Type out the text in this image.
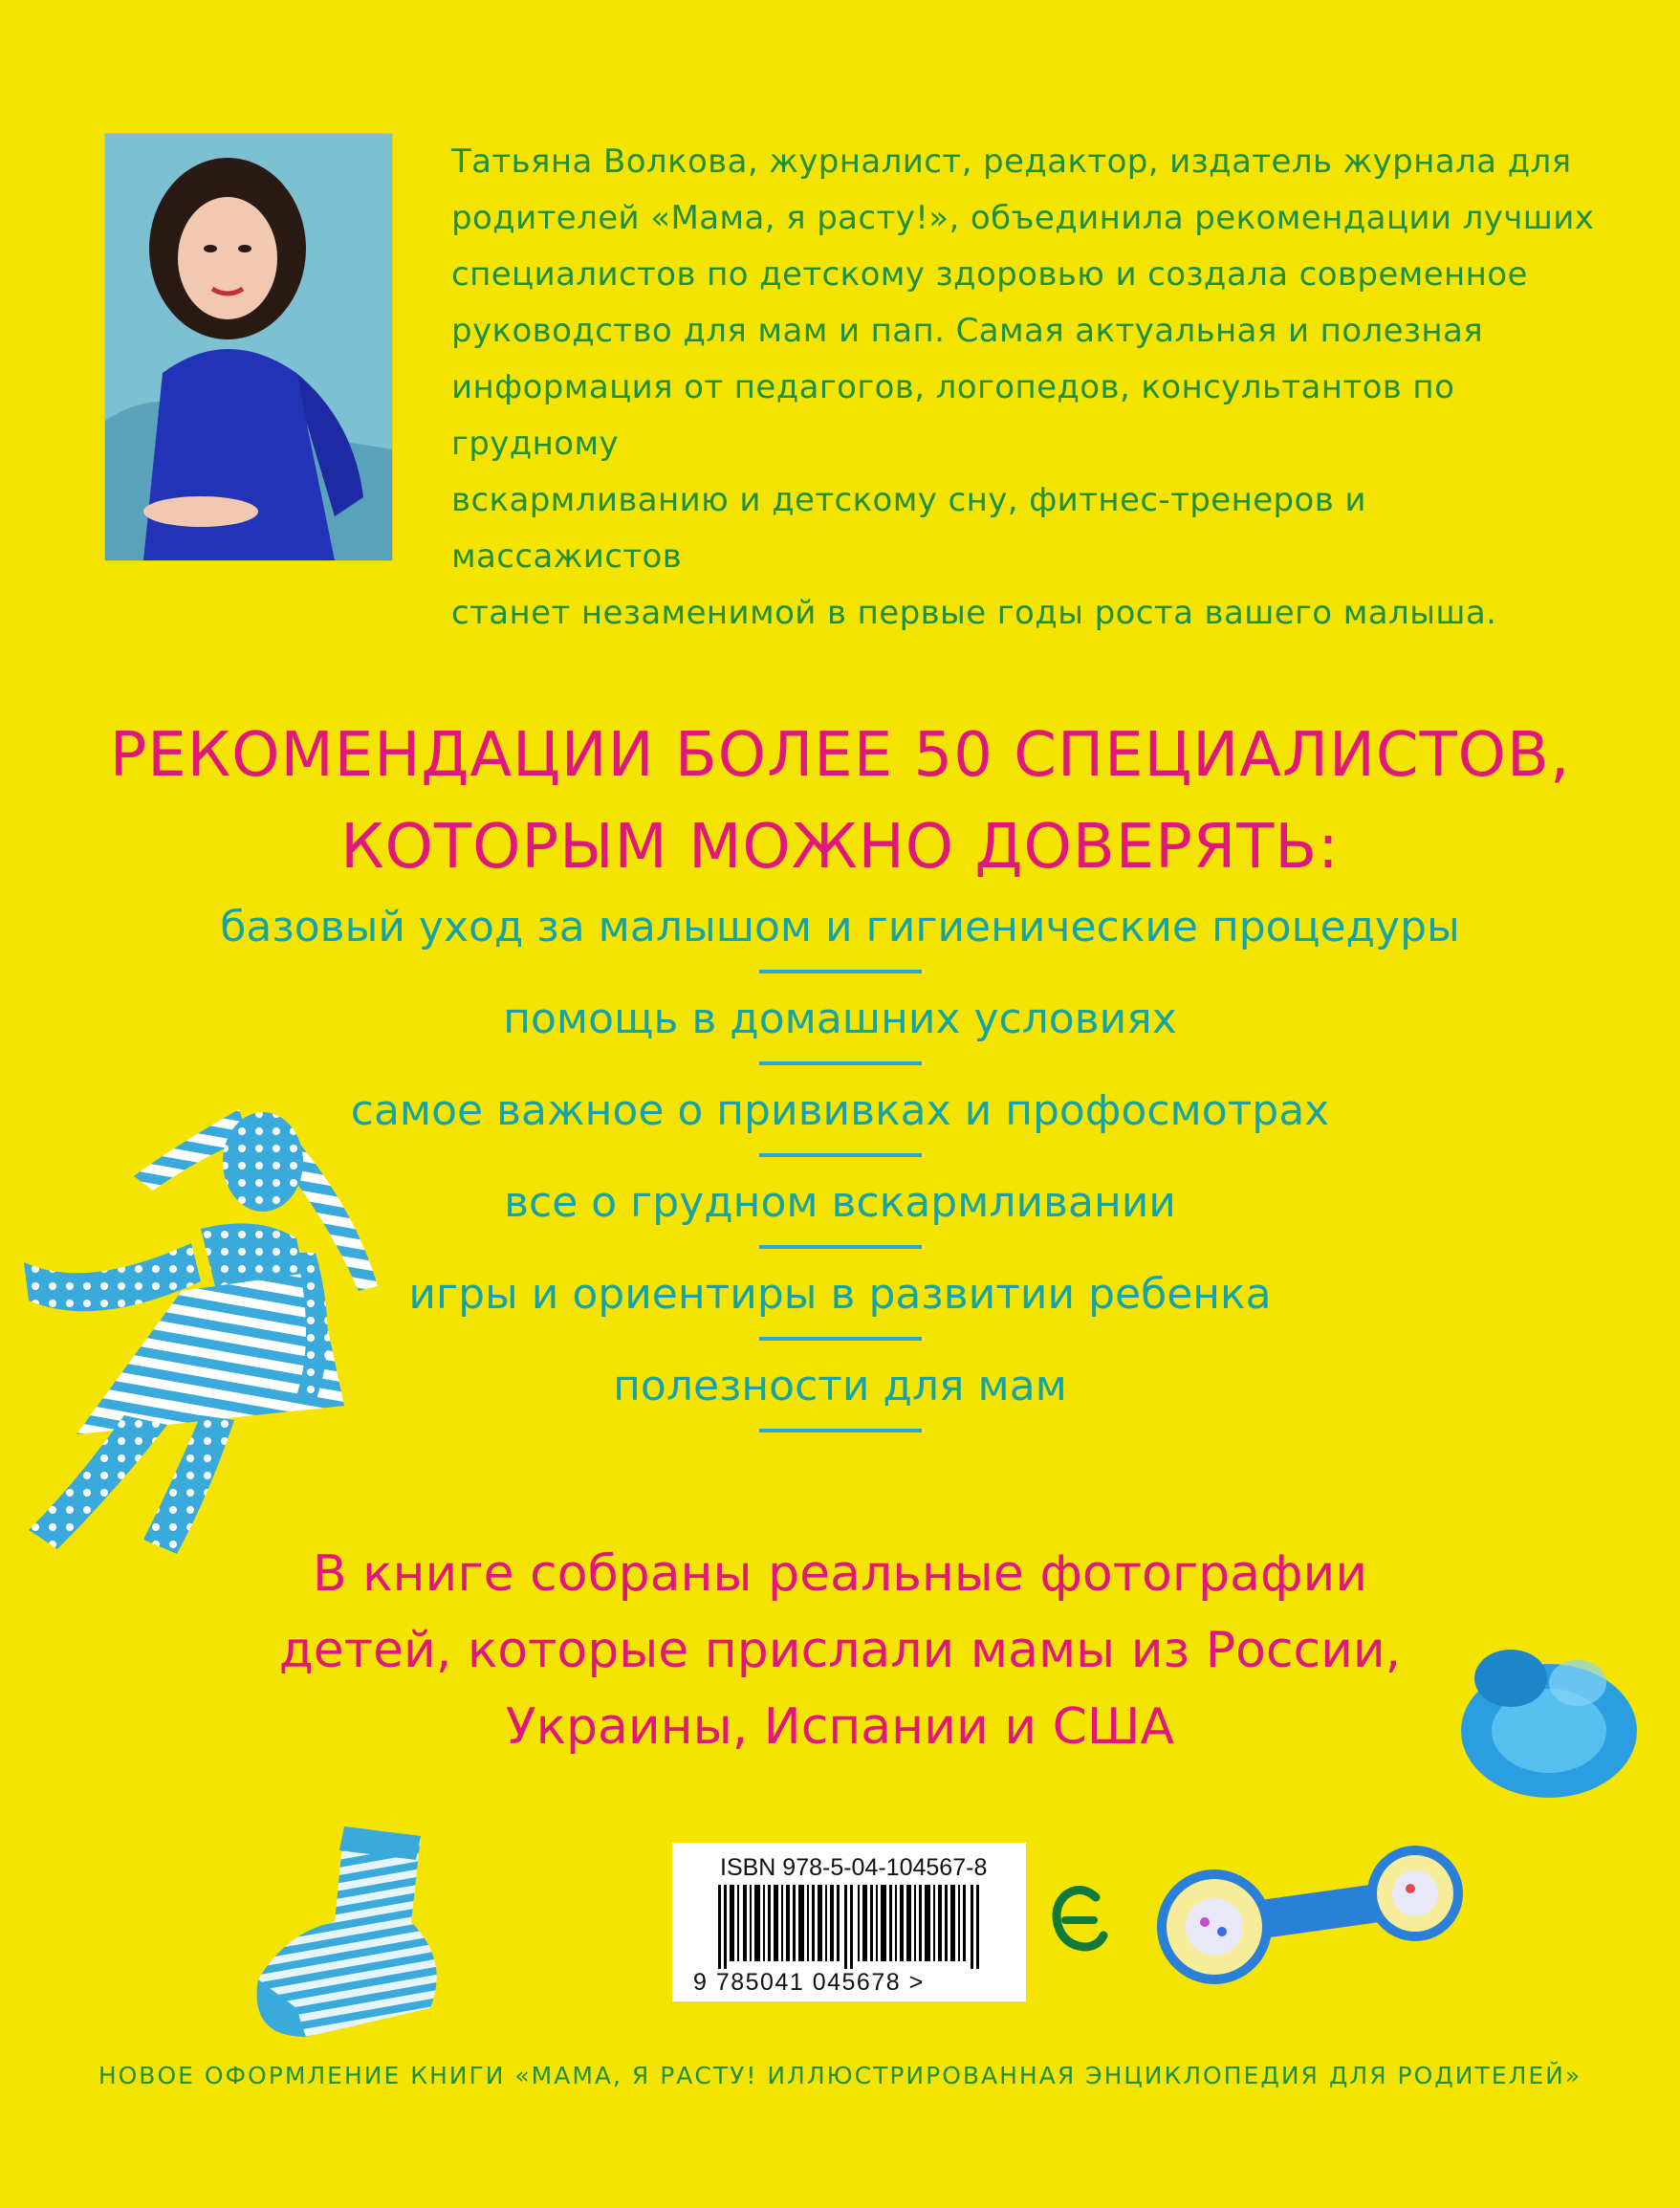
Татьяна Волкова, журналист, редактор, издатель журнала для
родителей «Мама, я расту!», объединила рекомендации лучших
специалистов по детскому здоровью и создала современное
руководство для мам и пап. Самая актуальная и полезная
информация от педагогов, логопедов, консультантов по грудному
вскармливанию и детскому сну, фитнес-тренеров и массажистов
станет незаменимой в первые годы роста вашего малыша.
РЕКОМЕНДАЦИИ БОЛЕЕ 50 СПЕЦИАЛИСТОВ,
КОТОРЫМ МОЖНО ДОВЕРЯТЬ:
базовый уход за малышом и гигиенические процедуры
помощь в домашних условиях
самое важное о прививках и профосмотрах
все о грудном вскармливании
игры и ориентиры в развитии ребенка
полезности для мам
В книге собраны реальные фотографии
детей, которые прислали мамы из России,
Украины, Испании и США
ISBN 978-5-04-104567-8
9 785041 045678 >
НОВОЕ ОФОРМЛЕНИЕ КНИГИ «МАМА, Я РАСТУ! ИЛЛЮСТРИРОВАННАЯ ЭНЦИКЛОПЕДИЯ ДЛЯ РОДИТЕЛЕЙ»
